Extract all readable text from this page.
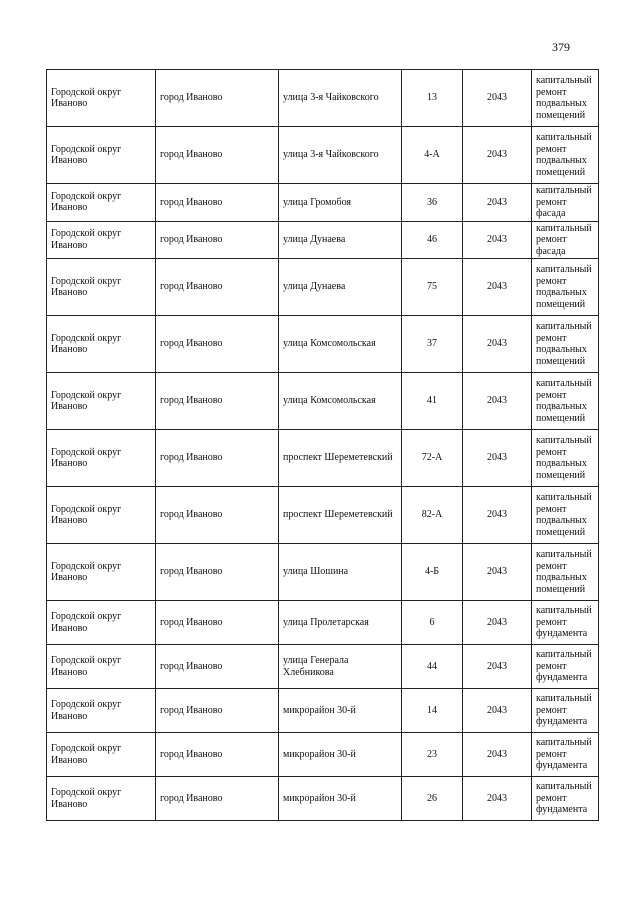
379
Городской округ Иваново	город Иваново	улица 3-я Чайковского	13	2043	капитальный ремонт подвальных помещений
Городской округ Иваново	город Иваново	улица 3-я Чайковского	4-А	2043	капитальный ремонт подвальных помещений
Городской округ Иваново	город Иваново	улица Громобоя	36	2043	капитальный ремонт фасада
Городской округ Иваново	город Иваново	улица Дунаева	46	2043	капитальный ремонт фасада
Городской округ Иваново	город Иваново	улица Дунаева	75	2043	капитальный ремонт подвальных помещений
Городской округ Иваново	город Иваново	улица Комсомольская	37	2043	капитальный ремонт подвальных помещений
Городской округ Иваново	город Иваново	улица Комсомольская	41	2043	капитальный ремонт подвальных помещений
Городской округ Иваново	город Иваново	проспект Шереметевский	72-А	2043	капитальный ремонт подвальных помещений
Городской округ Иваново	город Иваново	проспект Шереметевский	82-А	2043	капитальный ремонт подвальных помещений
Городской округ Иваново	город Иваново	улица Шошина	4-Б	2043	капитальный ремонт подвальных помещений
Городской округ Иваново	город Иваново	улица Пролетарская	6	2043	капитальный ремонт фундамента
Городской округ Иваново	город Иваново	улица Генерала Хлебникова	44	2043	капитальный ремонт фундамента
Городской округ Иваново	город Иваново	микрорайон 30-й	14	2043	капитальный ремонт фундамента
Городской округ Иваново	город Иваново	микрорайон 30-й	23	2043	капитальный ремонт фундамента
Городской округ Иваново	город Иваново	микрорайон 30-й	26	2043	капитальный ремонт фундамента
